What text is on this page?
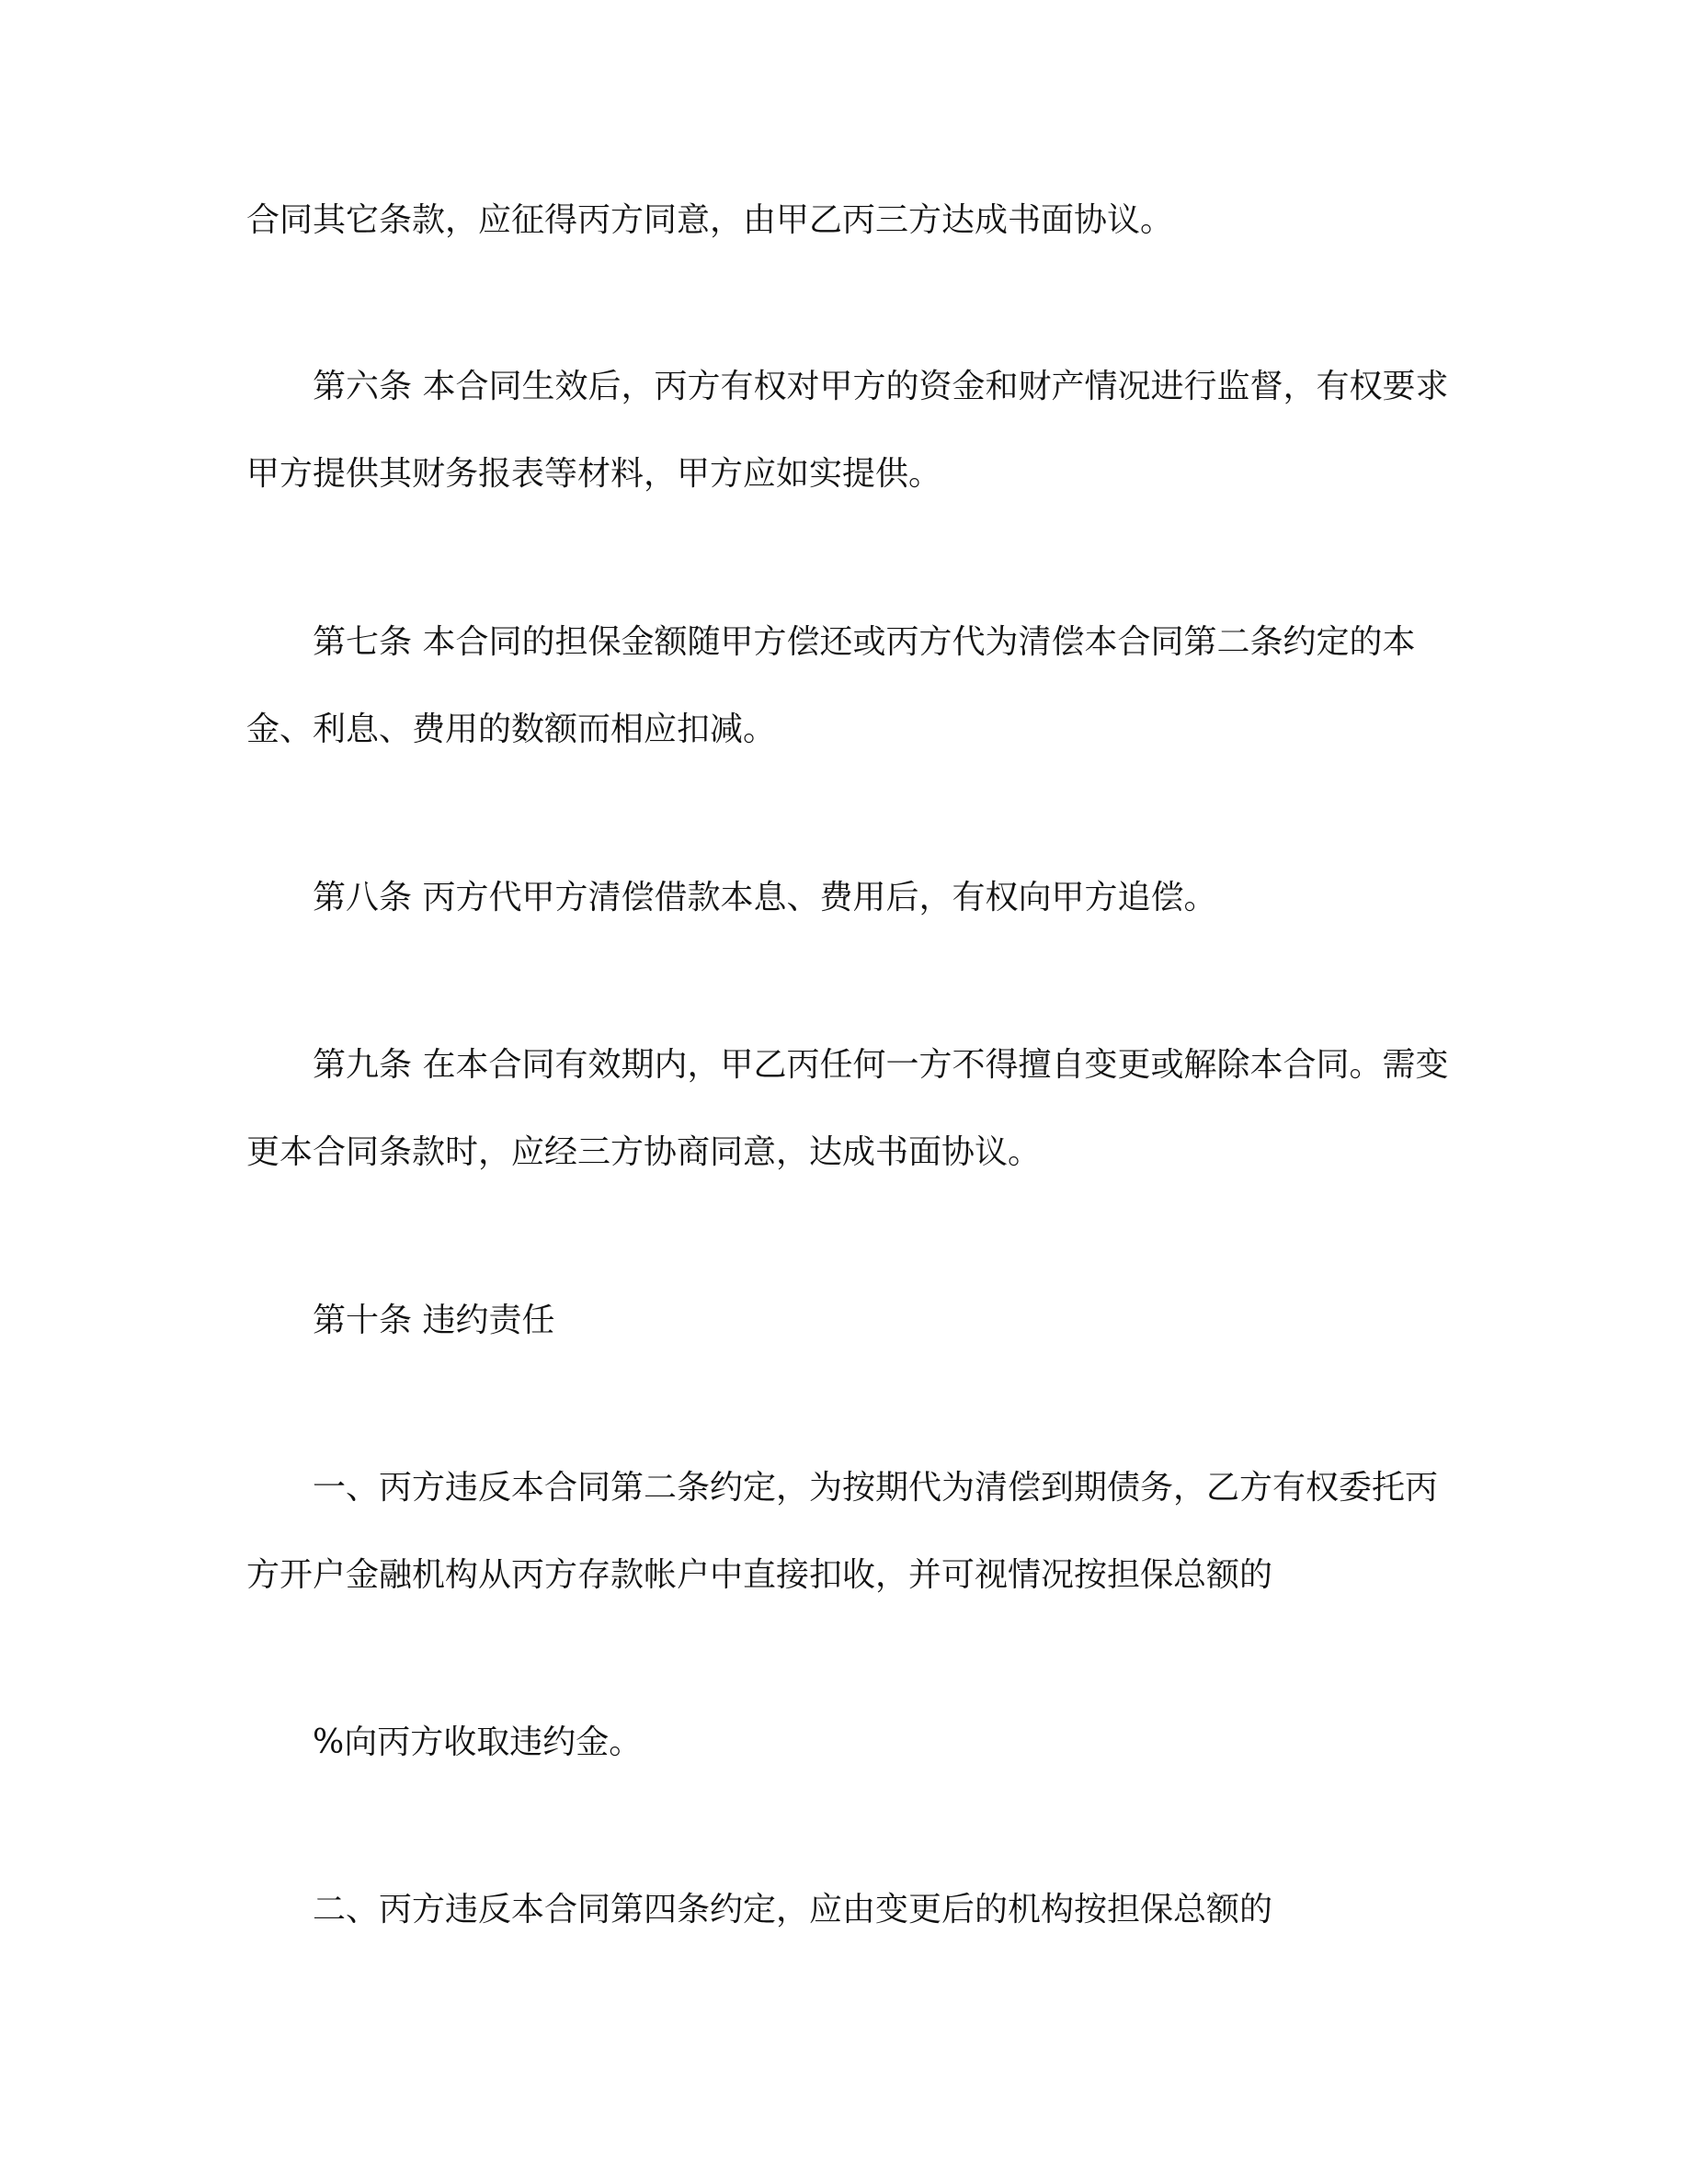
合同其它条款，应征得丙方同意，由甲乙丙三方达成书面协议。
第六条 本合同生效后，丙方有权对甲方的资金和财产情况进行监督，有权要求
甲方提供其财务报表等材料，甲方应如实提供。
第七条 本合同的担保金额随甲方偿还或丙方代为清偿本合同第二条约定的本
金、利息、费用的数额而相应扣减。
第八条 丙方代甲方清偿借款本息、费用后，有权向甲方追偿。
第九条 在本合同有效期内，甲乙丙任何一方不得擅自变更或解除本合同。需变
更本合同条款时，应经三方协商同意，达成书面协议。
第十条 违约责任
一、丙方违反本合同第二条约定，为按期代为清偿到期债务，乙方有权委托丙
方开户金融机构从丙方存款帐户中直接扣收，并可视情况按担保总额的
%向丙方收取违约金。
二、丙方违反本合同第四条约定，应由变更后的机构按担保总额的
